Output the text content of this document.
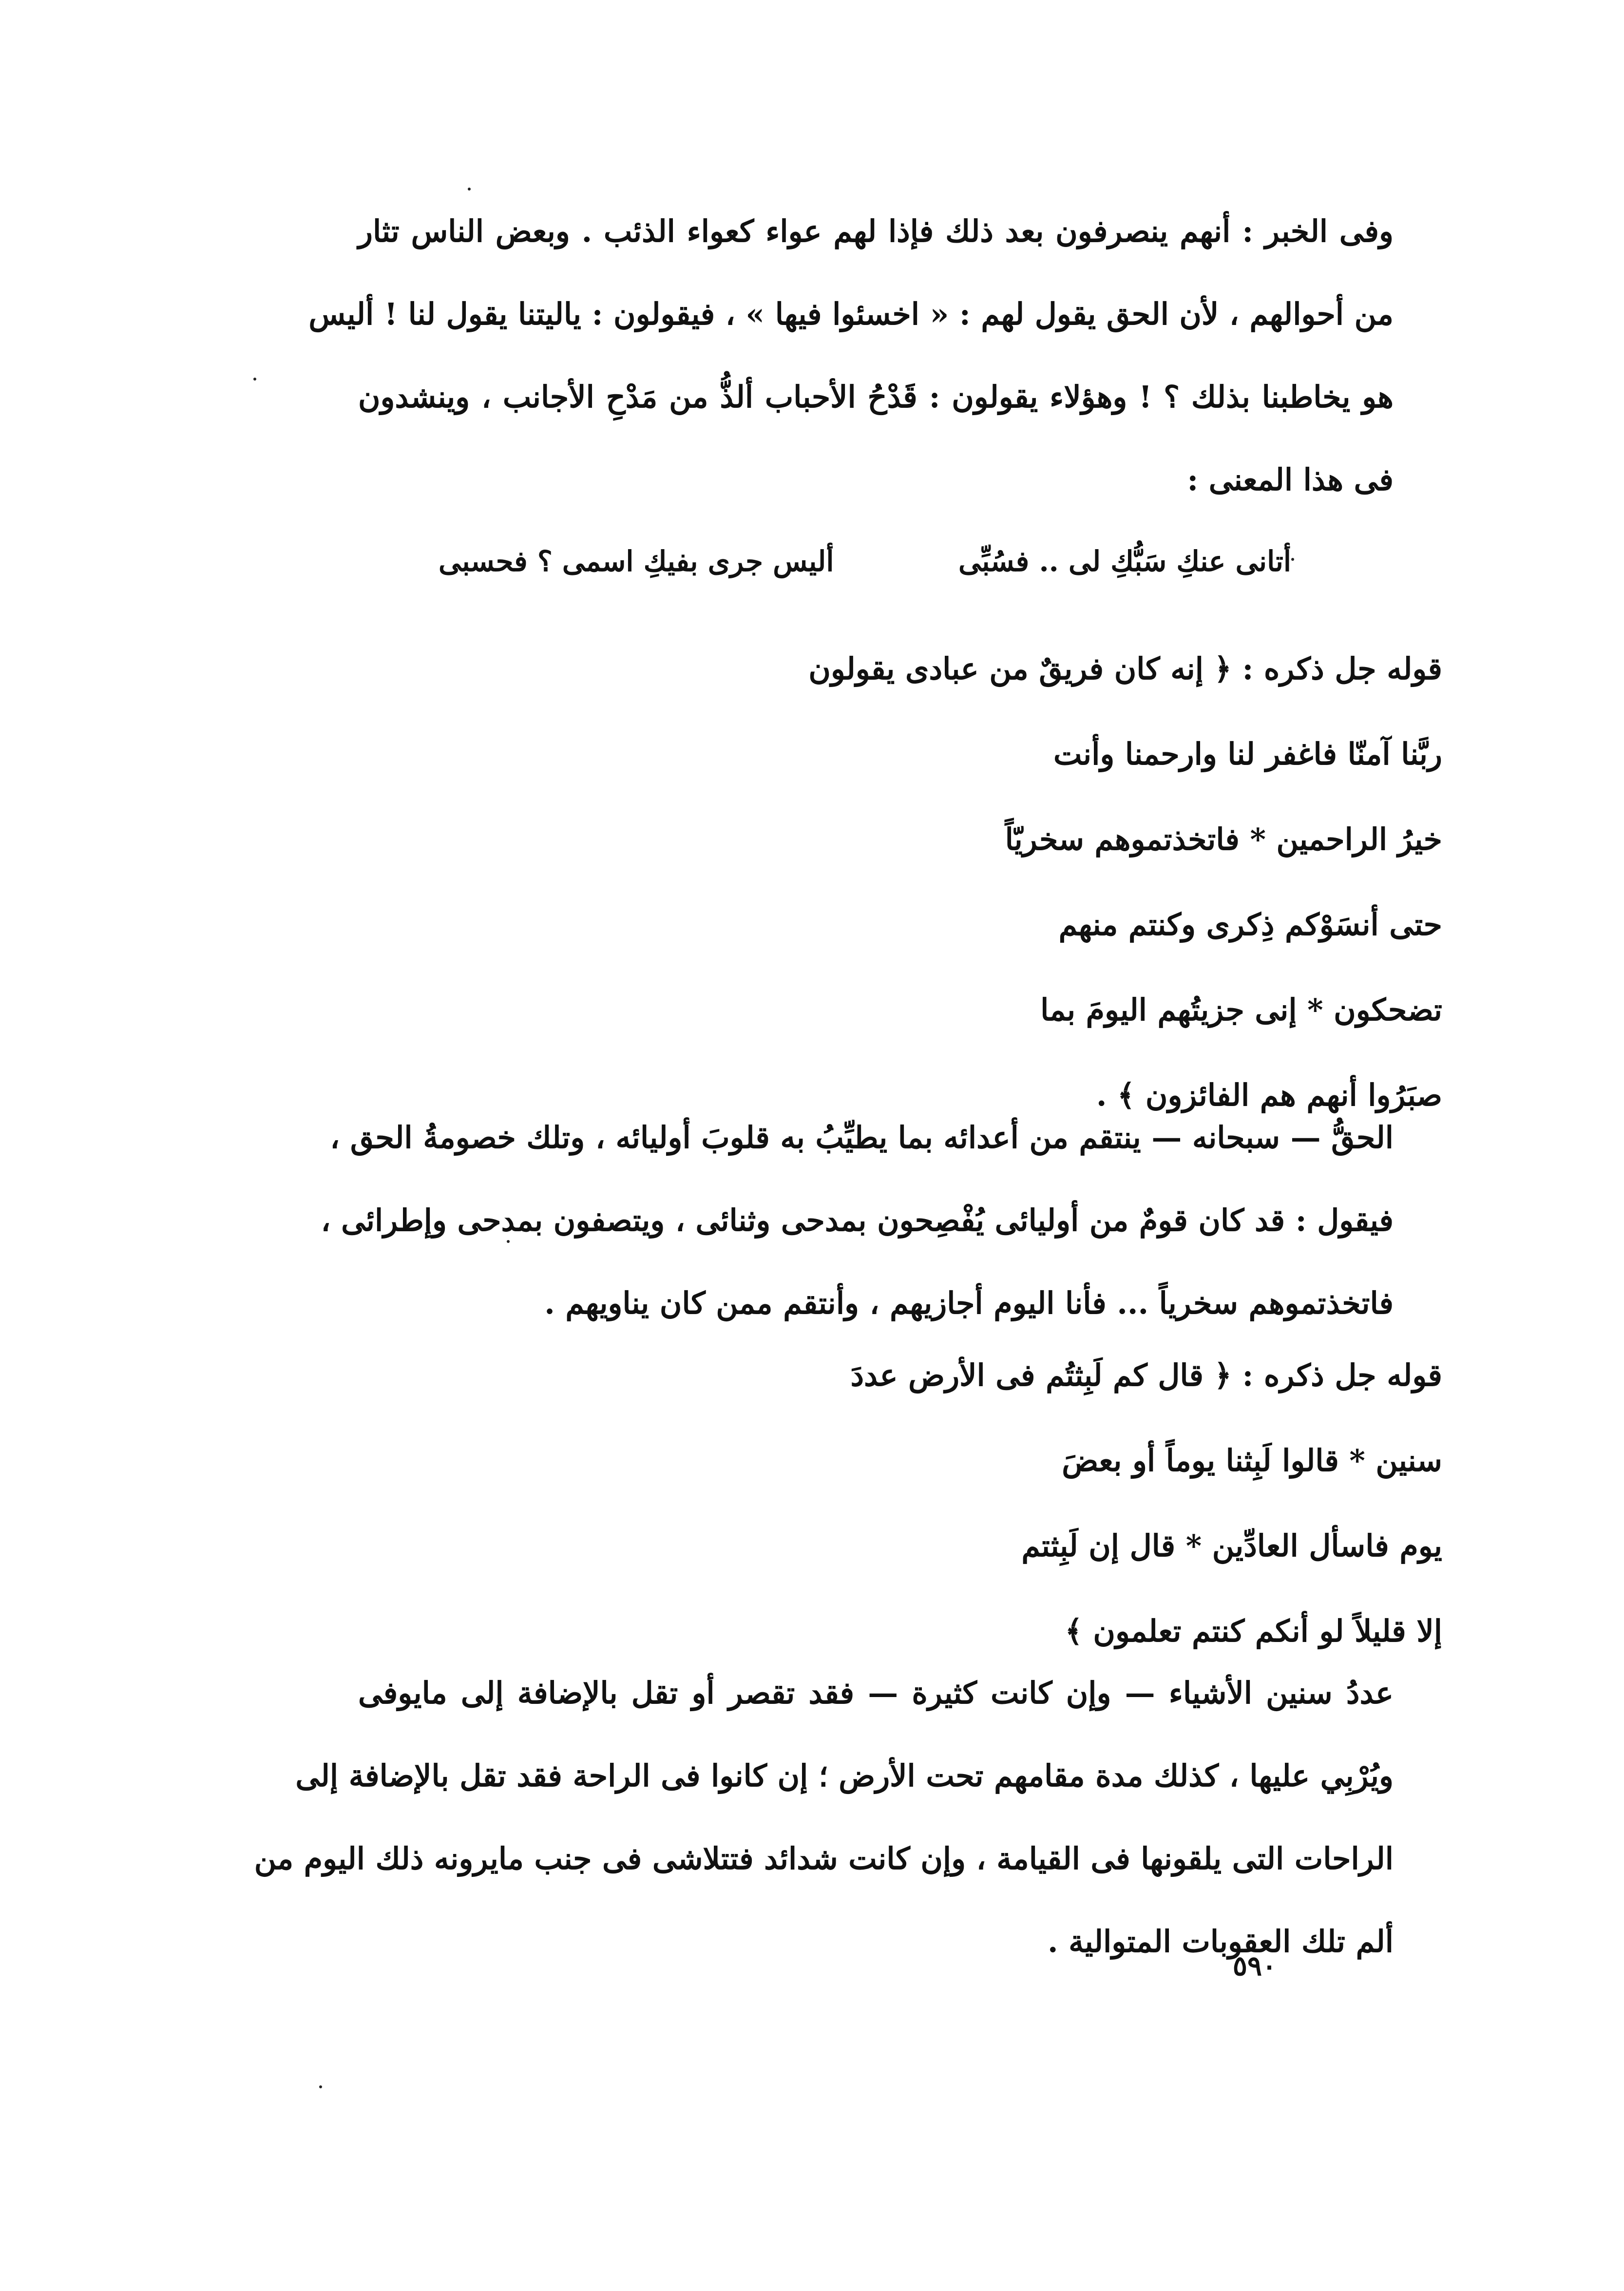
وفى الخبر : أنهم ينصرفون بعد ذلك فإذا لهم عواء كعواء الذئب . وبعض الناس تثار
من أحوالهم ، لأن الحق يقول لهم : « اخسئوا فيها » ، فيقولون : ياليتنا يقول لنا ! أليس
هو يخاطبنا بذلك ؟ ! وهؤلاء يقولون : قَدْحُ الأحباب ألذُّ من مَدْحِ الأجانب ، وينشدون
فى هذا المعنى :
أتانى عنكِ سَبُّكِ لى .. فسُبِّى
أليس جرى بفيكِ اسمى ؟ فحسبى
قوله جل ذكره : ﴿ إنه كان فريقٌ من عبادى يقولون
ربَّنا آمنّا فاغفر لنا وارحمنا وأنت
خيرُ الراحمين * فاتخذتموهم سخريّاً
حتى أنسَوْكم ذِكرى وكنتم منهم
تضحكون * إنى جزيتُهم اليومَ بما
صبَرُوا أنهم هم الفائزون ﴾ .
الحقُّ — سبحانه — ينتقم من أعدائه بما يطيِّبُ به قلوبَ أوليائه ، وتلك خصومةُ الحق ،
فيقول : قد كان قومٌ من أوليائى يُفْصِحون بمدحى وثنائى ، ويتصفون بمدحى وإطرائى ،
فاتخذتموهم سخرياً ... فأنا اليوم أجازيهم ، وأنتقم ممن كان يناويهم .
قوله جل ذكره : ﴿ قال كم لَبِثتُم فى الأرض عددَ
سنين * قالوا لَبِثنا يوماً أو بعضَ
يوم فاسأل العادِّين * قال إن لَبِثتم
إلا قليلاً لو أنكم كنتم تعلمون ﴾
عددُ سنين الأشياء — وإن كانت كثيرة — فقد تقصر أو تقل بالإضافة إلى مايوفى
ويُرْبِي عليها ، كذلك مدة مقامهم تحت الأرض ؛ إن كانوا فى الراحة فقد تقل بالإضافة إلى
الراحات التى يلقونها فى القيامة ، وإن كانت شدائد فتتلاشى فى جنب مايرونه ذلك اليوم من
ألم تلك العقوبات المتوالية .
٥٩٠
